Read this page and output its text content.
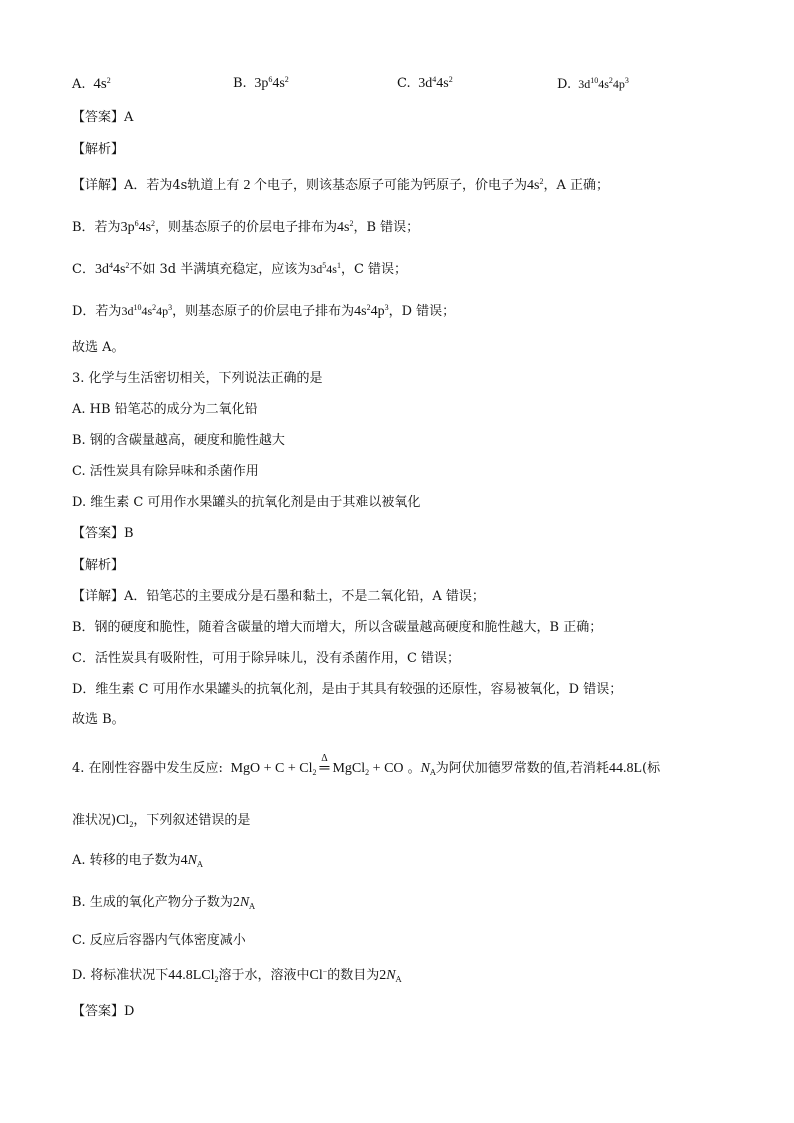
A.  $4s^2$	B.  $3p^64s^2$	C.  $3d^44s^2$	D.  $3d^{10}4s^24p^3$
【答案】A
【解析】
【详解】A．若为4s轨道上有 2 个电子，则该基态原子可能为钙原子，价电子为$4s^2$，A 正确；
B．若为$3p^64s^2$，则基态原子的价层电子排布为$4s^2$，B 错误；
C．$3d^44s^2$不如 3d 半满填充稳定，应该为$3d^54s^1$，C 错误；
D．若为$3d^{10}4s^24p^3$，则基态原子的价层电子排布为$4s^24p^3$，D 错误；
故选 A。
3. 化学与生活密切相关，下列说法正确的是
A. HB 铅笔芯的成分为二氧化铅
B. 钢的含碳量越高，硬度和脆性越大
C. 活性炭具有除异味和杀菌作用
D. 维生素 C 可用作水果罐头的抗氧化剂是由于其难以被氧化
【答案】B
【解析】
【详解】A．铅笔芯的主要成分是石墨和黏土，不是二氧化铅，A 错误；
B．钢的硬度和脆性，随着含碳量的增大而增大，所以含碳量越高硬度和脆性越大，B 正确；
C．活性炭具有吸附性，可用于除异味儿，没有杀菌作用，C 错误；
D．维生素 C 可用作水果罐头的抗氧化剂，是由于其具有较强的还原性，容易被氧化，D 错误；
故选 B。
4. 在刚性容器中发生反应:  MgO + $C + Cl_2$
Δ
═ MgCl$_2$ + CO 。$N_A$为阿伏加德罗常数的值,若消耗44.8L(标
准状况)$Cl_2$，下列叙述错误的是
A. 转移的电子数为$4N_A$
B. 生成的氧化产物分子数为$2N_A$
C. 反应后容器内气体密度减小
D. 将标准状况下44.8LCl$_2$溶于水，溶液中Cl−的数目为$2N_A$
【答案】D
